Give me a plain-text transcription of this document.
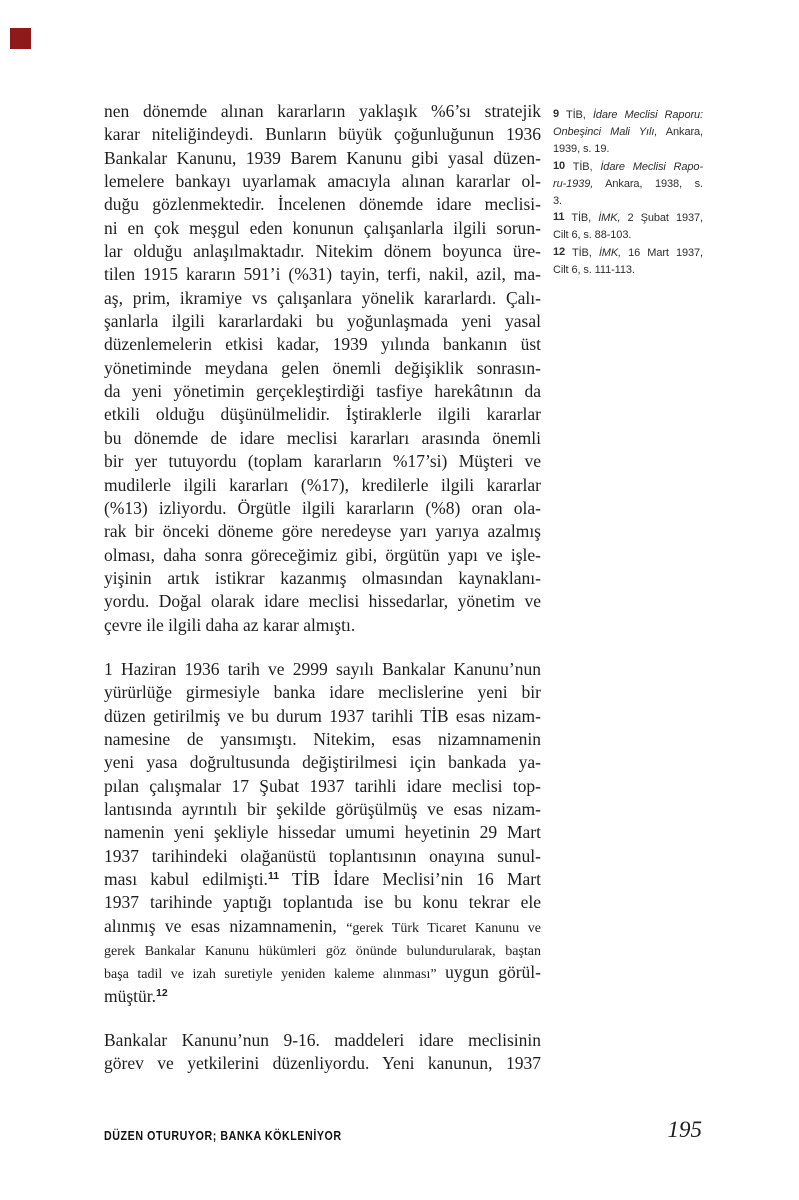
nen dönemde alınan kararların yaklaşık %6’sı stratejik
karar niteliğindeydi. Bunların büyük çoğunluğunun 1936
Bankalar Kanunu, 1939 Barem Kanunu gibi yasal düzen-
lemelere bankayı uyarlamak amacıyla alınan kararlar ol-
duğu gözlenmektedir. İncelenen dönemde idare meclisi-
ni en çok meşgul eden konunun çalışanlarla ilgili sorun-
lar olduğu anlaşılmaktadır. Nitekim dönem boyunca üre-
tilen 1915 kararın 591’i (%31) tayin, terfi, nakil, azil, ma-
aş, prim, ikramiye vs çalışanlara yönelik kararlardı. Çalı-
şanlarla ilgili kararlardaki bu yoğunlaşmada yeni yasal
düzenlemelerin etkisi kadar, 1939 yılında bankanın üst
yönetiminde meydana gelen önemli değişiklik sonrasın-
da yeni yönetimin gerçekleştirdiği tasfiye harekâtının da
etkili olduğu düşünülmelidir. İştiraklerle ilgili kararlar
bu dönemde de idare meclisi kararları arasında önemli
bir yer tutuyordu (toplam kararların %17’si) Müşteri ve
mudilerle ilgili kararları (%17), kredilerle ilgili kararlar
(%13) izliyordu. Örgütle ilgili kararların (%8) oran ola-
rak bir önceki döneme göre neredeyse yarı yarıya azalmış
olması, daha sonra göreceğimiz gibi, örgütün yapı ve işle-
yişinin artık istikrar kazanmış olmasından kaynaklanı-
yordu. Doğal olarak idare meclisi hissedarlar, yönetim ve
çevre ile ilgili daha az karar almıştı.
1 Haziran 1936 tarih ve 2999 sayılı Bankalar Kanunu’nun
yürürlüğe girmesiyle banka idare meclislerine yeni bir
düzen getirilmiş ve bu durum 1937 tarihli TİB esas nizam-
namesine de yansımıştı. Nitekim, esas nizamnamenin
yeni yasa doğrultusunda değiştirilmesi için bankada ya-
pılan çalışmalar 17 Şubat 1937 tarihli idare meclisi top-
lantısında ayrıntılı bir şekilde görüşülmüş ve esas nizam-
namenin yeni şekliyle hissedar umumi heyetinin 29 Mart
1937 tarihindeki olağanüstü toplantısının onayına sunul-
ması kabul edilmişti.$^{11}$ TİB İdare Meclisi’nin 16 Mart
1937 tarihinde yaptığı toplantıda ise bu konu tekrar ele
alınmış ve esas nizamnamenin, “gerek Türk Ticaret Kanunu ve
gerek Bankalar Kanunu hükümleri göz önünde bulundurularak, baştan
başa tadil ve izah suretiyle yeniden kaleme alınması” uygun görül-
müştür.$^{12}$
Bankalar Kanunu’nun 9-16. maddeleri idare meclisinin
görev ve yetkilerini düzenliyordu. Yeni kanunun, 1937
9 TİB, İdare Meclisi Raporu:
Onbeşinci Mali Yılı, Ankara,
1939, s. 19.
10 TİB, İdare Meclisi Rapo-
ru-1939, Ankara, 1938, s.
3.
11 TİB, İMK, 2 Şubat 1937,
Cilt 6, s. 88-103.
12 TİB, İMK, 16 Mart 1937,
Cilt 6, s. 111-113.
DÜZEN OTURUYOR; BANKA KÖKLENİYOR	195
